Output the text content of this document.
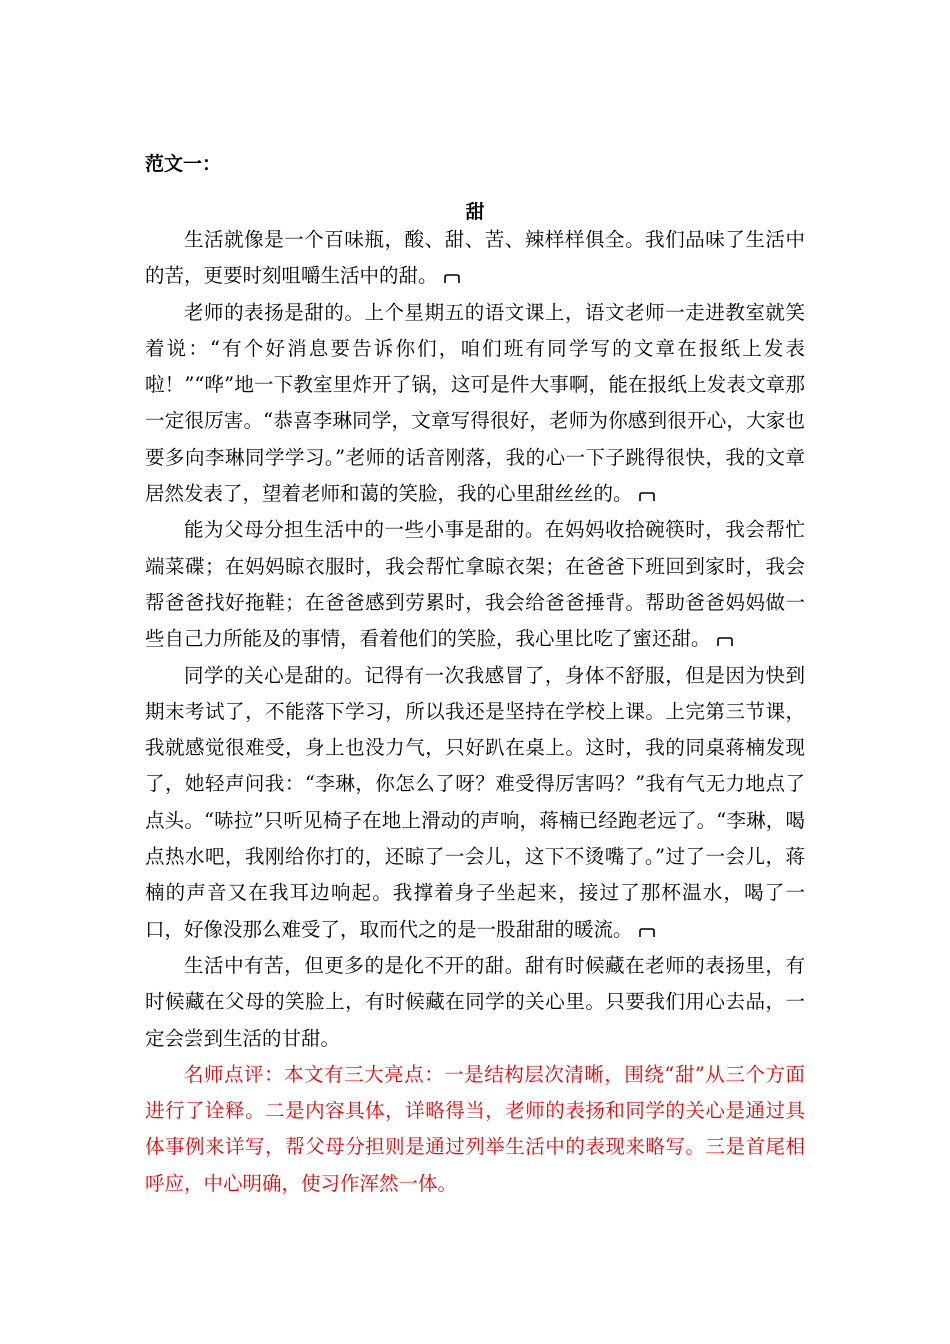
范文一：
甜

生活就像是一个百味瓶，酸、甜、苦、辣样样俱全。我们品味了生活中的苦，更要时刻咀嚼生活中的甜。

老师的表扬是甜的。上个星期五的语文课上，语文老师一走进教室就笑着说：“有个好消息要告诉你们，咱们班有同学写的文章在报纸上发表啦！”“哗”地一下教室里炸开了锅，这可是件大事啊，能在报纸上发表文章那一定很厉害。“恭喜李琳同学，文章写得很好，老师为你感到很开心，大家也要多向李琳同学学习。”老师的话音刚落，我的心一下子跳得很快，我的文章居然发表了，望着老师和蔼的笑脸，我的心里甜丝丝的。

能为父母分担生活中的一些小事是甜的。在妈妈收拾碗筷时，我会帮忙端菜碟；在妈妈晾衣服时，我会帮忙拿晾衣架；在爸爸下班回到家时，我会帮爸爸找好拖鞋；在爸爸感到劳累时，我会给爸爸捶背。帮助爸爸妈妈做一些自己力所能及的事情，看着他们的笑脸，我心里比吃了蜜还甜。

同学的关心是甜的。记得有一次我感冒了，身体不舒服，但是因为快到期末考试了，不能落下学习，所以我还是坚持在学校上课。上完第三节课，我就感觉很难受，身上也没力气，只好趴在桌上。这时，我的同桌蒋楠发现了，她轻声问我：“李琳，你怎么了呀？难受得厉害吗？”我有气无力地点了点头。“哧拉”只听见椅子在地上滑动的声响，蒋楠已经跑老远了。“李琳，喝点热水吧，我刚给你打的，还晾了一会儿，这下不烫嘴了。”过了一会儿，蒋楠的声音又在我耳边响起。我撑着身子坐起来，接过了那杯温水，喝了一口，好像没那么难受了，取而代之的是一股甜甜的暖流。

生活中有苦，但更多的是化不开的甜。甜有时候藏在老师的表扬里，有时候藏在父母的笑脸上，有时候藏在同学的关心里。只要我们用心去品，一定会尝到生活的甘甜。

名师点评：本文有三大亮点：一是结构层次清晰，围绕“甜”从三个方面进行了诠释。二是内容具体，详略得当，老师的表扬和同学的关心是通过具体事例来详写，帮父母分担则是通过列举生活中的表现来略写。三是首尾相呼应，中心明确，使习作浑然一体。
